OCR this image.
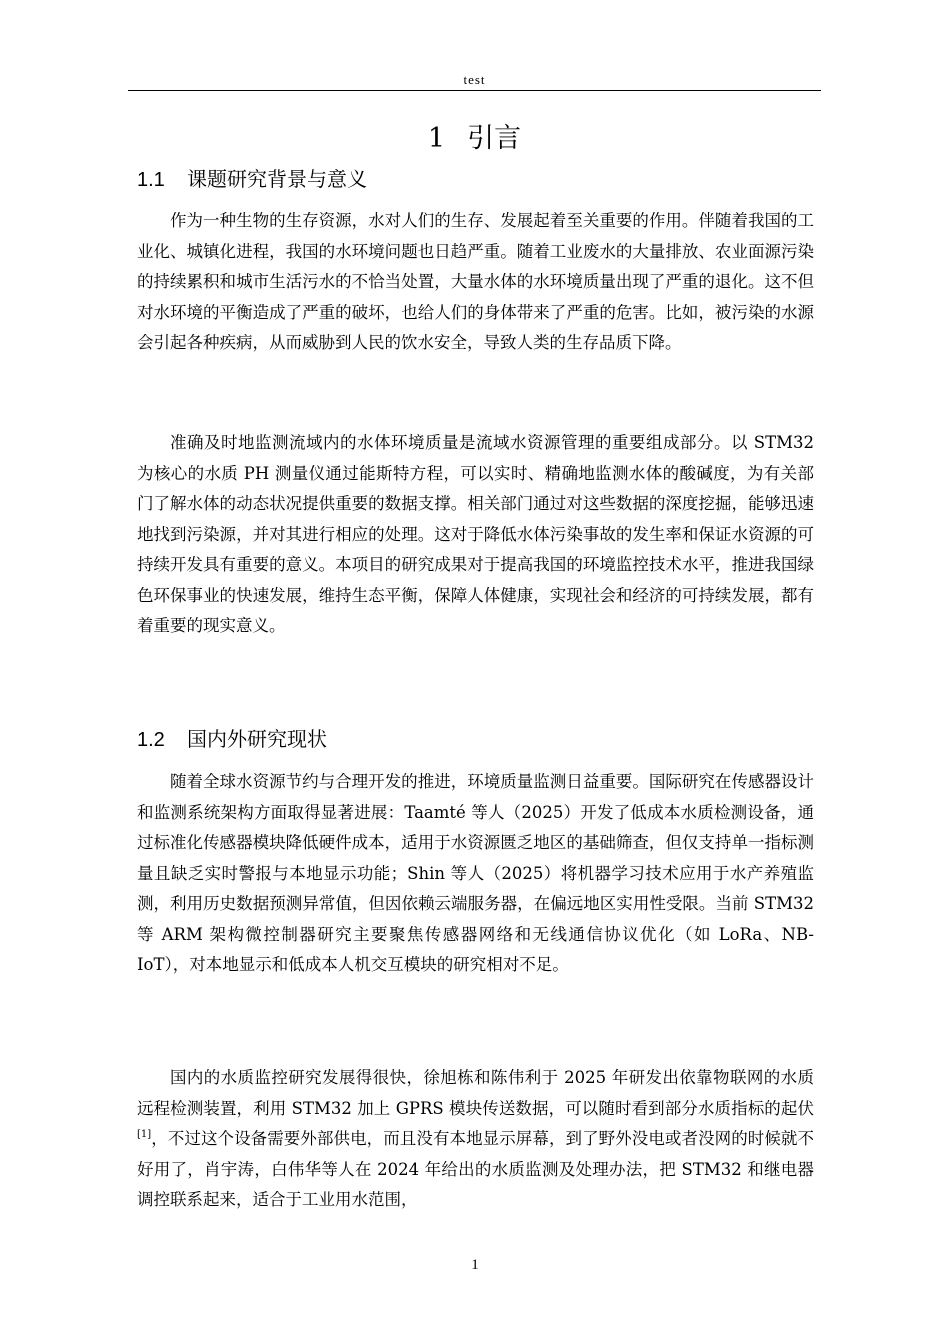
test
1 引言
1.1 课题研究背景与意义

作为一种生物的生存资源，水对人们的生存、发展起着至关重要的作用。伴随着我国的工业化、城镇化进程，我国的水环境问题也日趋严重。随着工业废水的大量排放、农业面源污染的持续累积和城市生活污水的不恰当处置，大量水体的水环境质量出现了严重的退化。这不但对水环境的平衡造成了严重的破坏，也给人们的身体带来了严重的危害。比如，被污染的水源会引起各种疾病，从而威胁到人民的饮水安全，导致人类的生存品质下降。

准确及时地监测流域内的水体环境质量是流域水资源管理的重要组成部分。以 STM32 为核心的水质 PH 测量仪通过能斯特方程，可以实时、精确地监测水体的酸碱度，为有关部门了解水体的动态状况提供重要的数据支撑。相关部门通过对这些数据的深度挖掘，能够迅速地找到污染源，并对其进行相应的处理。这对于降低水体污染事故的发生率和保证水资源的可持续开发具有重要的意义。本项目的研究成果对于提高我国的环境监控技术水平，推进我国绿色环保事业的快速发展，维持生态平衡，保障人体健康，实现社会和经济的可持续发展，都有着重要的现实意义。

1.2 国内外研究现状

随着全球水资源节约与合理开发的推进，环境质量监测日益重要。国际研究在传感器设计和监测系统架构方面取得显著进展：Taamté 等人（2025）开发了低成本水质检测设备，通过标准化传感器模块降低硬件成本，适用于水资源匮乏地区的基础筛查，但仅支持单一指标测量且缺乏实时警报与本地显示功能；Shin 等人（2025）将机器学习技术应用于水产养殖监测，利用历史数据预测异常值，但因依赖云端服务器，在偏远地区实用性受限。当前 STM32 等 ARM 架构微控制器研究主要聚焦传感器网络和无线通信协议优化（如 LoRa、NB-IoT），对本地显示和低成本人机交互模块的研究相对不足。

国内的水质监控研究发展得很快，徐旭栋和陈伟利于 2025 年研发出依靠物联网的水质远程检测装置，利用 STM32 加上 GPRS 模块传送数据，可以随时看到部分水质指标的起伏[1]，不过这个设备需要外部供电，而且没有本地显示屏幕，到了野外没电或者没网的时候就不好用了，肖宇涛，白伟华等人在 2024 年给出的水质监测及处理办法，把 STM32 和继电器调控联系起来，适合于工业用水范围，

1
